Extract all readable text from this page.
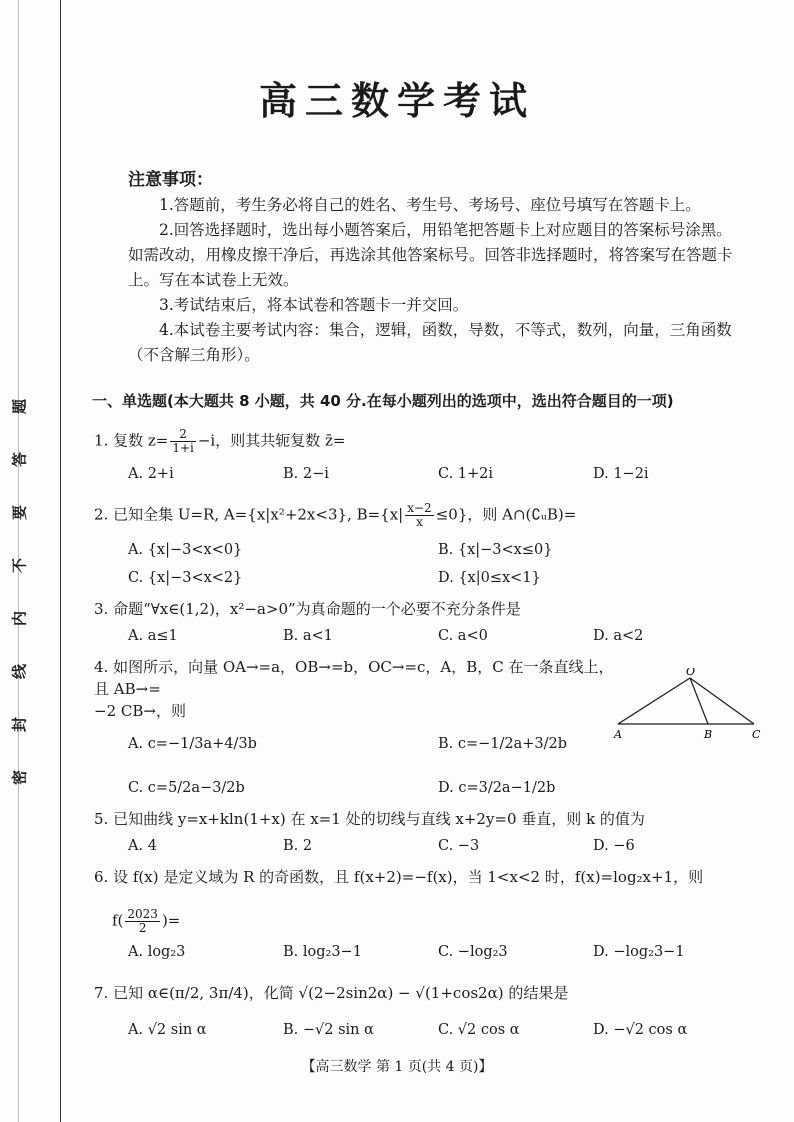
题
答
要
不
内
线
封
密
高三数学考试
注意事项：

1.答题前，考生务必将自己的姓名、考生号、考场号、座位号填写在答题卡上。

2.回答选择题时，选出每小题答案后，用铅笔把答题卡上对应题目的答案标号涂黑。如需改动，用橡皮擦干净后，再选涂其他答案标号。回答非选择题时，将答案写在答题卡上。写在本试卷上无效。

3.考试结束后，将本试卷和答题卡一并交回。

4.本试卷主要考试内容：集合，逻辑，函数，导数，不等式，数列，向量，三角函数（不含解三角形）。

一、单选题(本大题共 8 小题，共 40 分.在每小题列出的选项中，选出符合题目的一项)
1. 复数 $z= \frac{2}{1+i} -i$，则其共轭复数 z̄=
A. 2+i	B. 2−i	C. 1+2i	D. 1−2i
2. 已知全集 U=R, A={x|x²+2x<3}, $B=\{x| \frac{x-2}{x} \le 0\}$，则 A∩(∁ᵤB)=
A. {x|−3<x<0}	B. {x|−3<x≤0}
C. {x|−3<x<2}	D. {x|0≤x<1}
3. 命题“∀x∈(1,2)，x²−a>0”为真命题的一个必要不充分条件是
A. a≤1	B. a<1	C. a<0	D. a<2
4. 如图所示，向量 OA→=a，OB→=b，OC→=c，A，B，C 在一条直线上，且 AB→=
−2 CB→，则
O
A	B	C
A. c=−1/3a+4/3b	B. c=−1/2a+3/2b
C. c=5/2a−3/2b	D. c=3/2a−1/2b
5. 已知曲线 y=x+kln(1+x) 在 x=1 处的切线与直线 x+2y=0 垂直，则 k 的值为
A. 4	B. 2	C. −3	D. −6
6. 设 f(x) 是定义域为 R 的奇函数，且 f(x+2)=−f(x)，当 1<x<2 时，f(x)=log₂x+1，则
$f( \frac{2023}{2}$ )=
A. log₂3	B. log₂3−1	C. −log₂3	D. −log₂3−1
7. 已知 α∈(π/2, 3π/4)，化简 √(2−2sin2α) − √(1+cos2α) 的结果是
A. √2 sin α	B. −√2 sin α	C. √2 cos α	D. −√2 cos α
【高三数学 第 1 页(共 4 页)】
